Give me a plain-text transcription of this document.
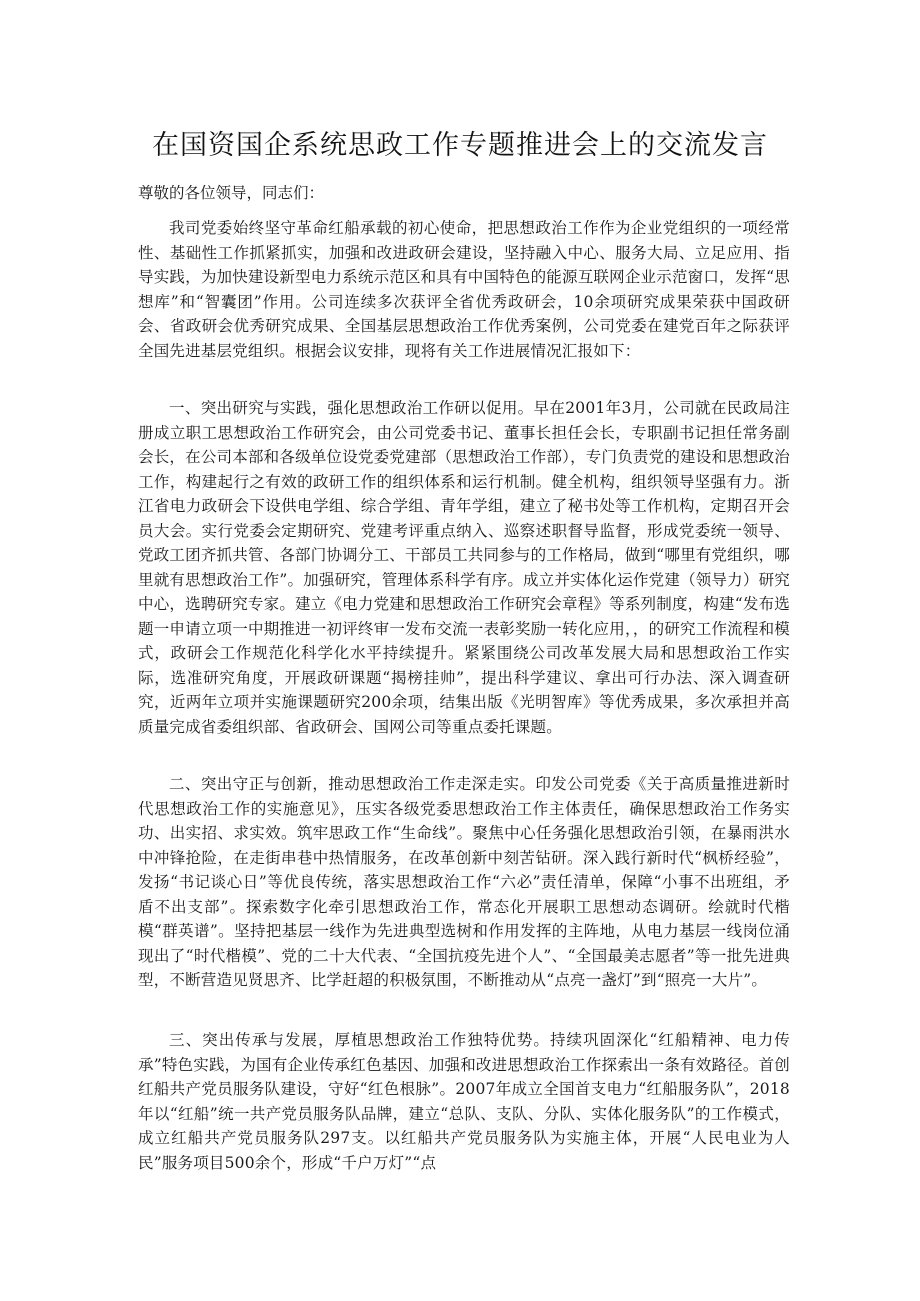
在国资国企系统思政工作专题推进会上的交流发言

尊敬的各位领导，同志们：

我司党委始终坚守革命红船承载的初心使命，把思想政治工作作为企业党组织的一项经常性、基础性工作抓紧抓实，加强和改进政研会建设，坚持融入中心、服务大局、立足应用、指导实践，为加快建设新型电力系统示范区和具有中国特色的能源互联网企业示范窗口，发挥“思想库”和“智囊团”作用。公司连续多次获评全省优秀政研会，10余项研究成果荣获中国政研会、省政研会优秀研究成果、全国基层思想政治工作优秀案例，公司党委在建党百年之际获评全国先进基层党组织。根据会议安排，现将有关工作进展情况汇报如下：

一、突出研究与实践，强化思想政治工作研以促用。早在2001年3月，公司就在民政局注册成立职工思想政治工作研究会，由公司党委书记、董事长担任会长，专职副书记担任常务副会长，在公司本部和各级单位设党委党建部（思想政治工作部），专门负责党的建设和思想政治工作，构建起行之有效的政研工作的组织体系和运行机制。健全机构，组织领导坚强有力。浙江省电力政研会下设供电学组、综合学组、青年学组，建立了秘书处等工作机构，定期召开会员大会。实行党委会定期研究、党建考评重点纳入、巡察述职督导监督，形成党委统一领导、党政工团齐抓共管、各部门协调分工、干部员工共同参与的工作格局，做到“哪里有党组织，哪里就有思想政治工作”。加强研究，管理体系科学有序。成立并实体化运作党建（领导力）研究中心，选聘研究专家。建立《电力党建和思想政治工作研究会章程》等系列制度，构建“发布选题一申请立项一中期推进一初评终审一发布交流一表彰奖励一转化应用，，的研究工作流程和模式，政研会工作规范化科学化水平持续提升。紧紧围绕公司改革发展大局和思想政治工作实际，选准研究角度，开展政研课题“揭榜挂帅”，提出科学建议、拿出可行办法、深入调查研究，近两年立项并实施课题研究200余项，结集出版《光明智库》等优秀成果，多次承担并高质量完成省委组织部、省政研会、国网公司等重点委托课题。

二、突出守正与创新，推动思想政治工作走深走实。印发公司党委《关于高质量推进新时代思想政治工作的实施意见》，压实各级党委思想政治工作主体责任，确保思想政治工作务实功、出实招、求实效。筑牢思政工作“生命线”。聚焦中心任务强化思想政治引领，在暴雨洪水中冲锋抢险，在走街串巷中热情服务，在改革创新中刻苦钻研。深入践行新时代“枫桥经验”，发扬“书记谈心日”等优良传统，落实思想政治工作“六必”责任清单，保障“小事不出班组，矛盾不出支部”。探索数字化牵引思想政治工作，常态化开展职工思想动态调研。绘就时代楷模“群英谱”。坚持把基层一线作为先进典型选树和作用发挥的主阵地，从电力基层一线岗位涌现出了“时代楷模”、党的二十大代表、“全国抗疫先进个人”、“全国最美志愿者”等一批先进典型，不断营造见贤思齐、比学赶超的积极氛围，不断推动从“点亮一盏灯”到“照亮一大片”。

三、突出传承与发展，厚植思想政治工作独特优势。持续巩固深化“红船精神、电力传承”特色实践，为国有企业传承红色基因、加强和改进思想政治工作探索出一条有效路径。首创红船共产党员服务队建设，守好“红色根脉”。2007年成立全国首支电力“红船服务队”，2018年以“红船”统一共产党员服务队品牌，建立“总队、支队、分队、实体化服务队”的工作模式，成立红船共产党员服务队297支。以红船共产党员服务队为实施主体，开展“人民电业为人民”服务项目500余个，形成“千户万灯”“点
